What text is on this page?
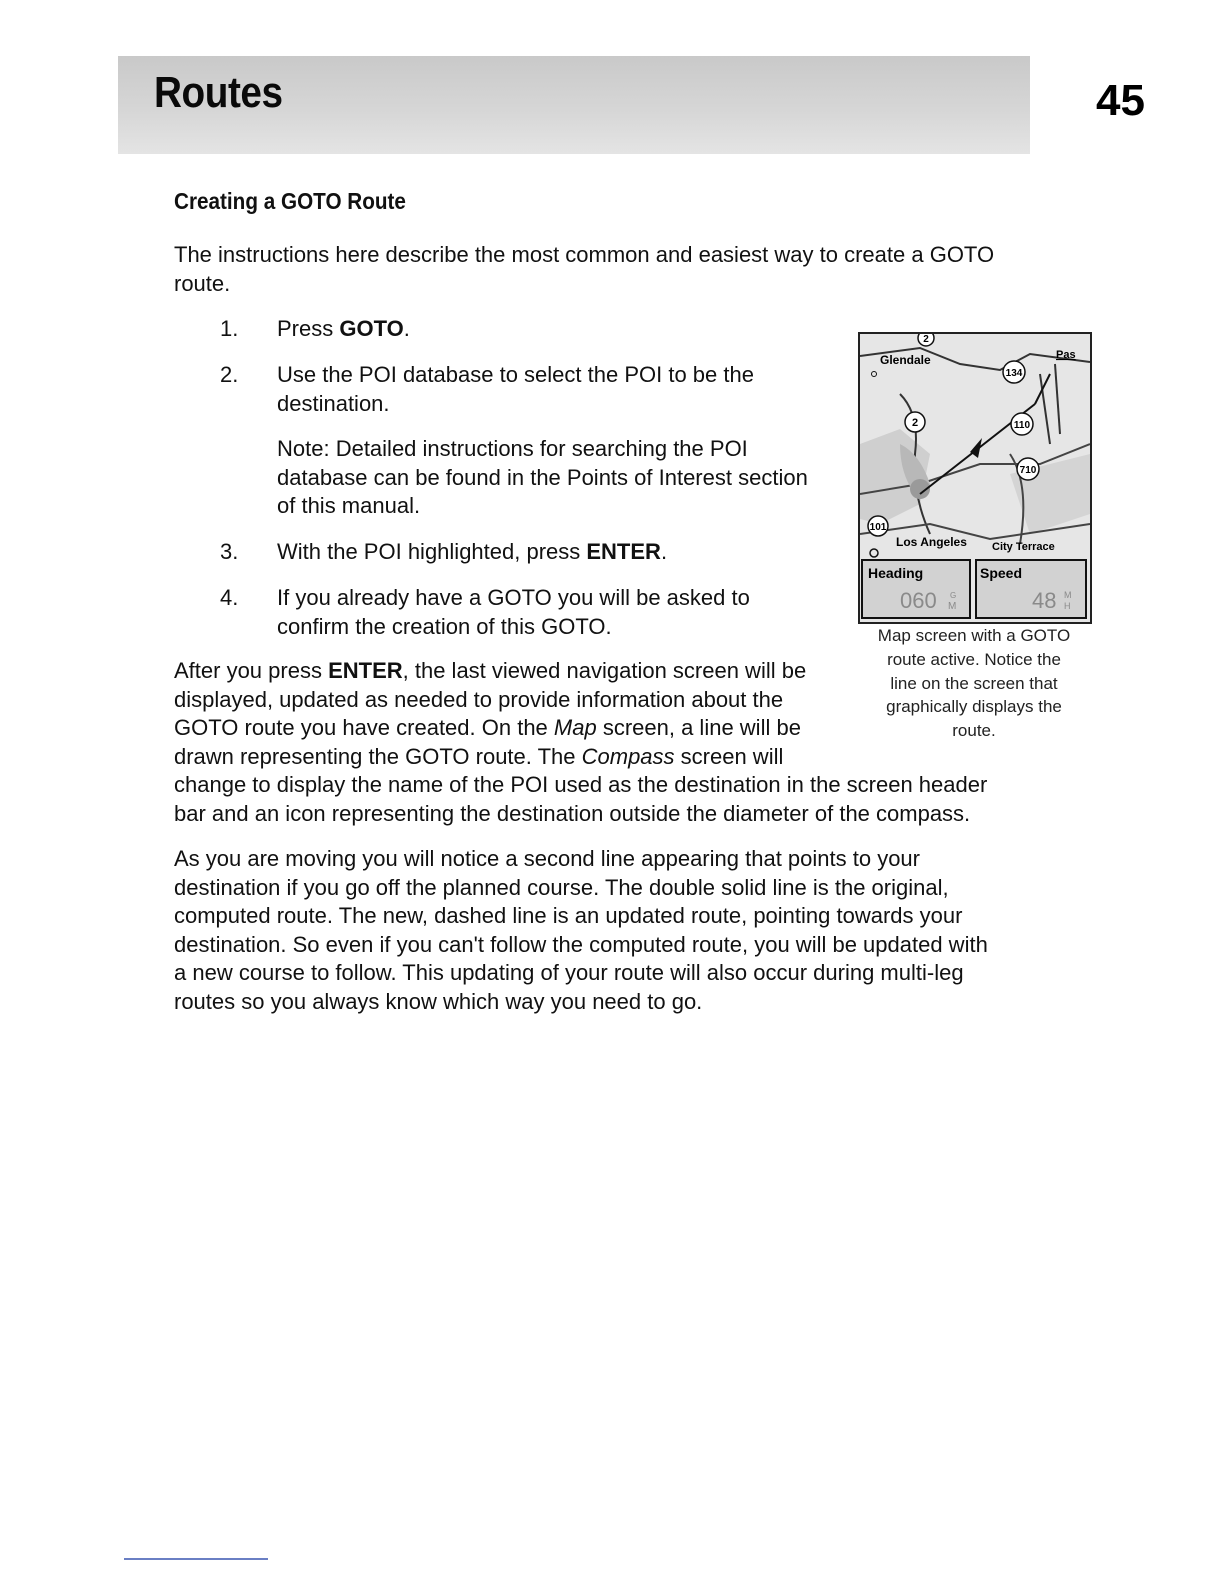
Routes	45
Creating a GOTO Route
The instructions here describe the most common and easiest way to create a GOTO
route.
1. Press GOTO.
2. Use the POI database to select the POI to be the
destination.
Note: Detailed instructions for searching the POI
database can be found in the Points of Interest section
of this manual.
3. With the POI highlighted, press ENTER.
4. If you already have a GOTO you will be asked to
confirm the creation of this GOTO.
After you press ENTER, the last viewed navigation screen will be
displayed, updated as needed to provide information about the
GOTO route you have created. On the Map screen, a line will be
drawn representing the GOTO route. The Compass screen will
change to display the name of the POI used as the destination in the screen header
bar and an icon representing the destination outside the diameter of the compass.
As you are moving you will notice a second line appearing that points to your
destination if you go off the planned course. The double solid line is the original,
computed route. The new, dashed line is an updated route, pointing towards your
destination. So even if you can't follow the computed route, you will be updated with
a new course to follow. This updating of your route will also occur during multi-leg
routes so you always know which way you need to go.
2
134
2	110
710
101
Glendale	Pas
Los Angeles City Terrace
Heading
060 G
M
Speed
48 M
H
Map screen with a GOTO
route active. Notice the
line on the screen that
graphically displays the
route.
